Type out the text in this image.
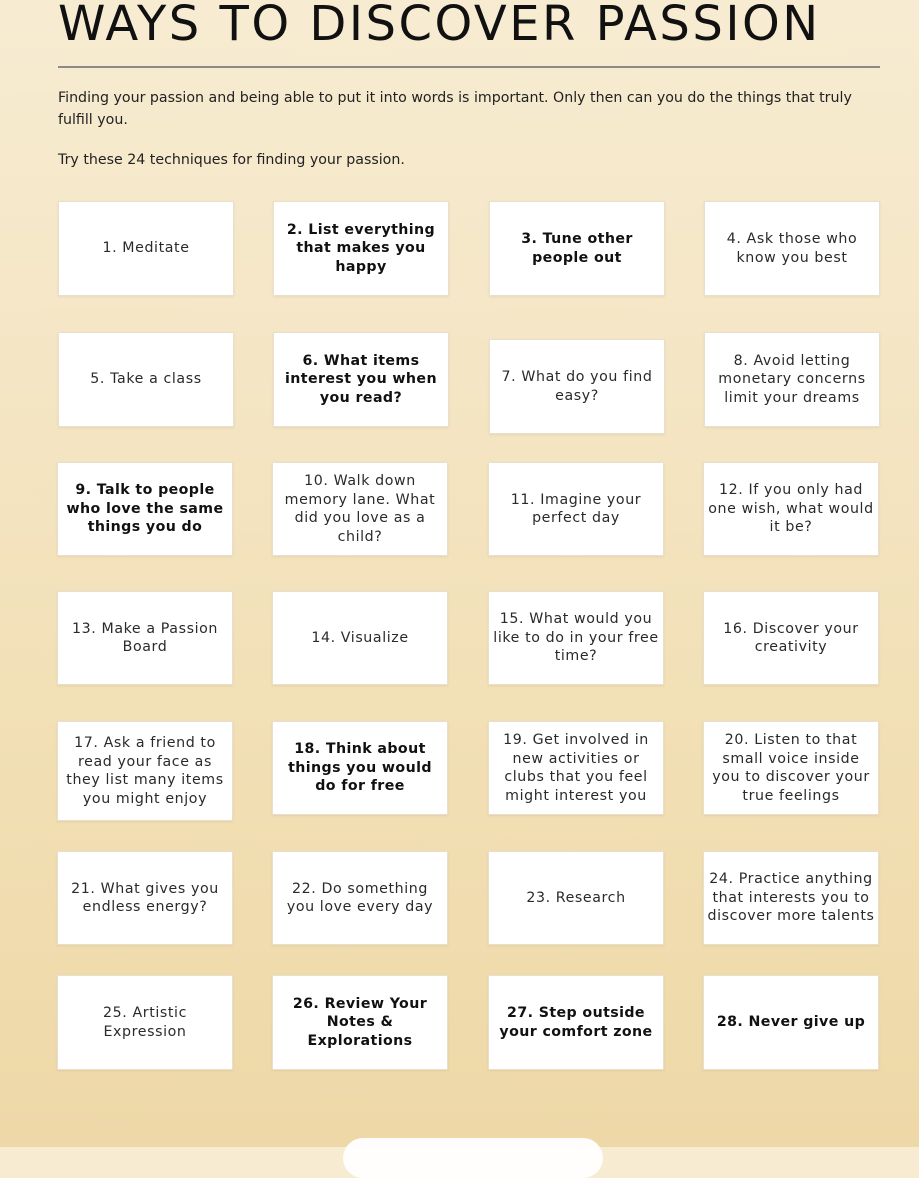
WAYS TO DISCOVER PASSION

Finding your passion and being able to put it into words is important. Only then can you do the things that truly fulfill you.

Try these 24 techniques for finding your passion.

1. Meditate
2. List everything that makes you happy
3. Tune other people out
4. Ask those who know you best
5. Take a class
6. What items interest you when you read?
7. What do you find easy?
8. Avoid letting monetary concerns limit your dreams
9. Talk to people who love the same things you do
10. Walk down memory lane. What did you love as a child?
11. Imagine your perfect day
12. If you only had one wish, what would it be?
13. Make a Passion Board
14. Visualize
15. What would you like to do in your free time?
16. Discover your creativity
17. Ask a friend to read your face as they list many items you might enjoy
18. Think about things you would do for free
19. Get involved in new activities or clubs that you feel might interest you
20. Listen to that small voice inside you to discover your true feelings
21. What gives you endless energy?
22. Do something you love every day
23. Research
24. Practice anything that interests you to discover more talents
25. Artistic Expression
26. Review Your Notes & Explorations
27. Step outside your comfort zone
28. Never give up
